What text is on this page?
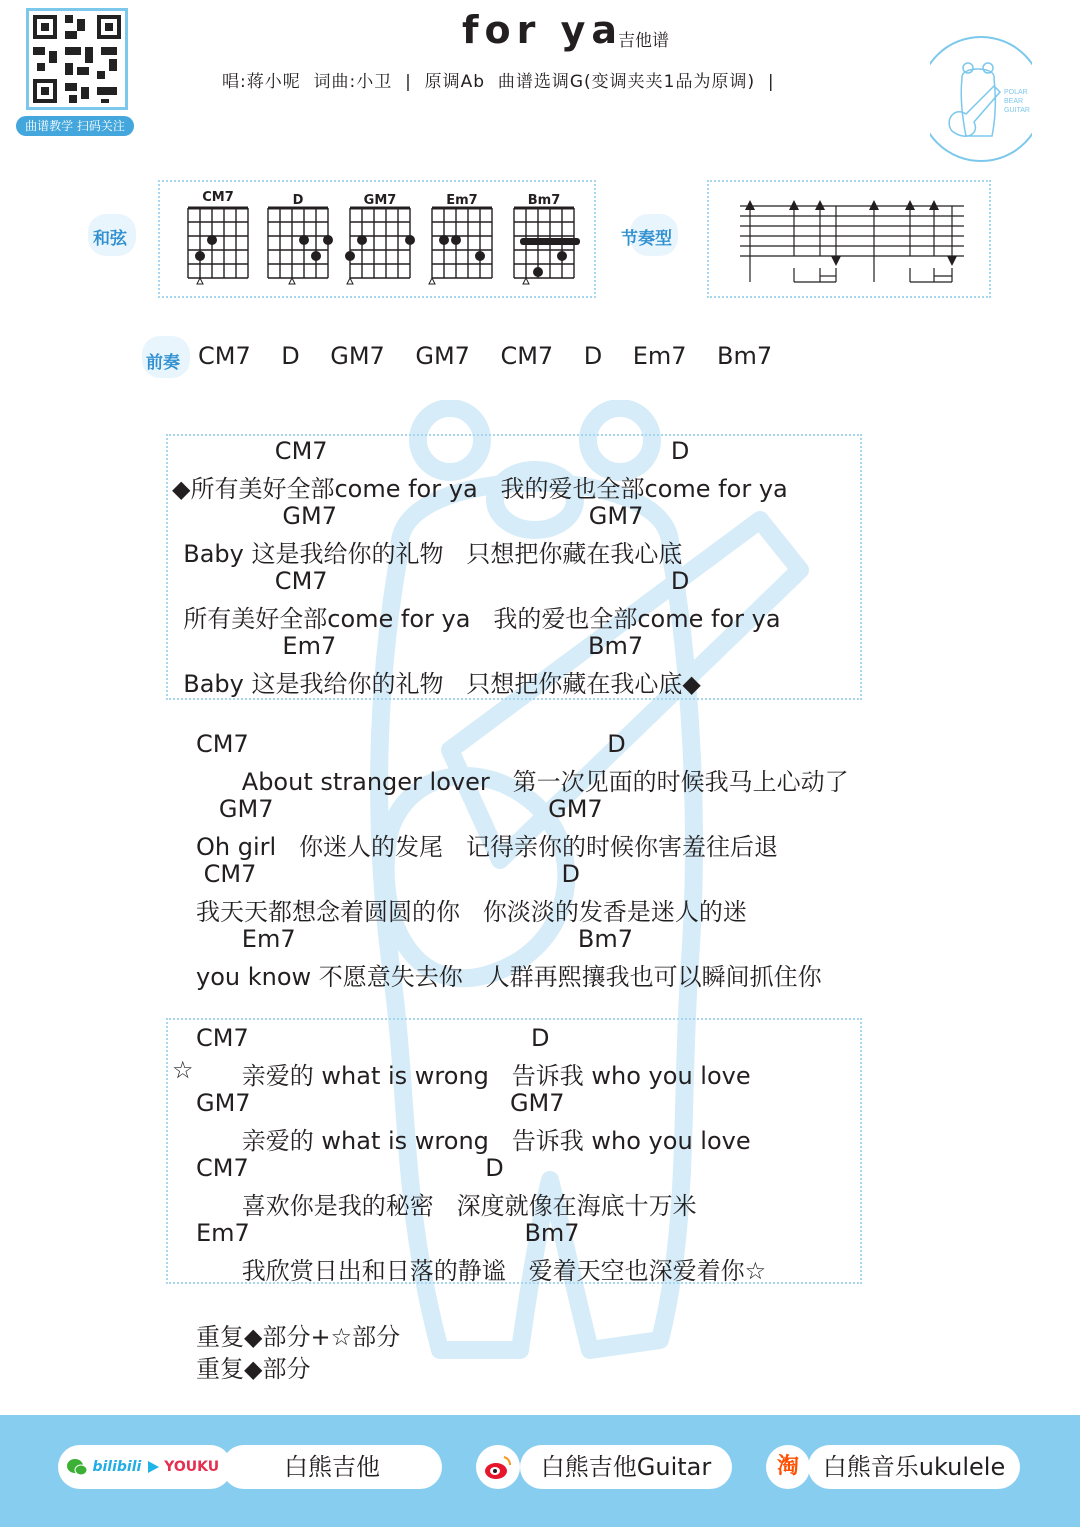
曲谱教学 扫码关注
for ya
吉他谱
唱:蒋小呢  词曲:小卫  |  原调Ab  曲谱选调G(变调夹夹1品为原调)  |
POLAR
BEAR
GUITAR
和弦
CM7	D	GM7	Em7	Bm7
节奏型
前奏 CM7 D GM7 GM7 CM7 D Em7 Bm7
CM7                                             D
◆所有美好全部come for ya   我的爱也全部come for ya
GM7                                 GM7
Baby 这是我给你的礼物   只想把你藏在我心底
CM7                                             D
所有美好全部come for ya   我的爱也全部come for ya
Em7                                 Bm7
Baby 这是我给你的礼物   只想把你藏在我心底◆
CM7                                               D
About stranger lover   第一次见面的时候我马上心动了
GM7                                    GM7
Oh girl   你迷人的发尾   记得亲你的时候你害羞往后退
CM7                                        D
我天天都想念着圆圆的你   你淡淡的发香是迷人的迷
Em7                                     Bm7
you know 不愿意失去你   人群再熙攘我也可以瞬间抓住你
☆
CM7                                     D
亲爱的 what is wrong   告诉我 who you love
GM7                                  GM7
亲爱的 what is wrong   告诉我 who you love
CM7                               D
喜欢你是我的秘密   深度就像在海底十万米
Em7                                    Bm7
我欣赏日出和日落的静谧   爱着天空也深爱着你☆
重复◆部分+☆部分
重复◆部分
bilibili YOUKU	白熊吉他	白熊吉他Guitar	淘 白熊音乐ukulele
